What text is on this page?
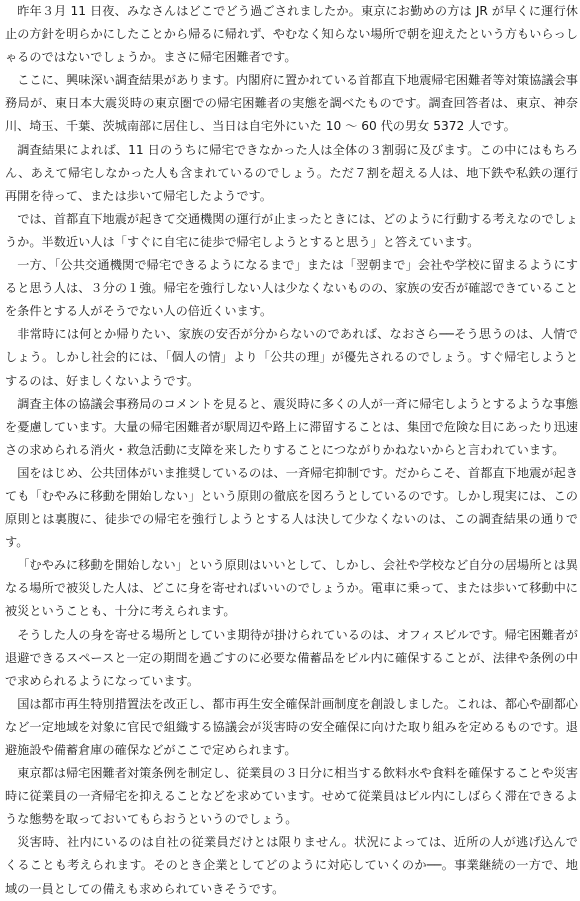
昨年３月 11 日夜、みなさんはどこでどう過ごされましたか。東京にお勤めの方は JR が早くに運行休止の方針を明らかにしたことから帰るに帰れず、やむなく知らない場所で朝を迎えたという方もいらっしゃるのではないでしょうか。まさに帰宅困難者です。

ここに、興味深い調査結果があります。内閣府に置かれている首都直下地震帰宅困難者等対策協議会事務局が、東日本大震災時の東京圏での帰宅困難者の実態を調べたものです。調査回答者は、東京、神奈川、埼玉、千葉、茨城南部に居住し、当日は自宅外にいた 10 〜 60 代の男女 5372 人です。

調査結果によれば、11 日のうちに帰宅できなかった人は全体の３割弱に及びます。この中にはもちろん、あえて帰宅しなかった人も含まれているのでしょう。ただ７割を超える人は、地下鉄や私鉄の運行再開を待って、または歩いて帰宅したようです。

では、首都直下地震が起きて交通機関の運行が止まったときには、どのように行動する考えなのでしょうか。半数近い人は「すぐに自宅に徒歩で帰宅しようとすると思う」と答えています。

一方、「公共交通機関で帰宅できるようになるまで」または「翌朝まで」会社や学校に留まるようにすると思う人は、３分の１強。帰宅を強行しない人は少なくないものの、家族の安否が確認できていることを条件とする人がそうでない人の倍近くいます。

非常時には何とか帰りたい、家族の安否が分からないのであれば、なおさら──そう思うのは、人情でしょう。しかし社会的には、「個人の情」より「公共の理」が優先されるのでしょう。すぐ帰宅しようとするのは、好ましくないようです。

調査主体の協議会事務局のコメントを見ると、震災時に多くの人が一斉に帰宅しようとするような事態を憂慮しています。大量の帰宅困難者が駅周辺や路上に滞留することは、集団で危険な目にあったり迅速さの求められる消火・救急活動に支障を来したりすることにつながりかねないからと言われています。

国をはじめ、公共団体がいま推奨しているのは、一斉帰宅抑制です。だからこそ、首都直下地震が起きても「むやみに移動を開始しない」という原則の徹底を図ろうとしているのです。しかし現実には、この原則とは裏腹に、徒歩での帰宅を強行しようとする人は決して少なくないのは、この調査結果の通りです。

「むやみに移動を開始しない」という原則はいいとして、しかし、会社や学校など自分の居場所とは異なる場所で被災した人は、どこに身を寄せればいいのでしょうか。電車に乗って、または歩いて移動中に被災ということも、十分に考えられます。

そうした人の身を寄せる場所としていま期待が掛けられているのは、オフィスビルです。帰宅困難者が退避できるスペースと一定の期間を過ごすのに必要な備蓄品をビル内に確保することが、法律や条例の中で求められるようになっています。

国は都市再生特別措置法を改正し、都市再生安全確保計画制度を創設しました。これは、都心や副都心など一定地域を対象に官民で組織する協議会が災害時の安全確保に向けた取り組みを定めるものです。退避施設や備蓄倉庫の確保などがここで定められます。

東京都は帰宅困難者対策条例を制定し、従業員の３日分に相当する飲料水や食料を確保することや災害時に従業員の一斉帰宅を抑えることなどを求めています。せめて従業員はビル内にしばらく滞在できるような態勢を取っておいてもらおうというのでしょう。

災害時、社内にいるのは自社の従業員だけとは限りません。状況によっては、近所の人が逃げ込んでくることも考えられます。そのとき企業としてどのように対応していくのか──。事業継続の一方で、地域の一員としての備えも求められていきそうです。
